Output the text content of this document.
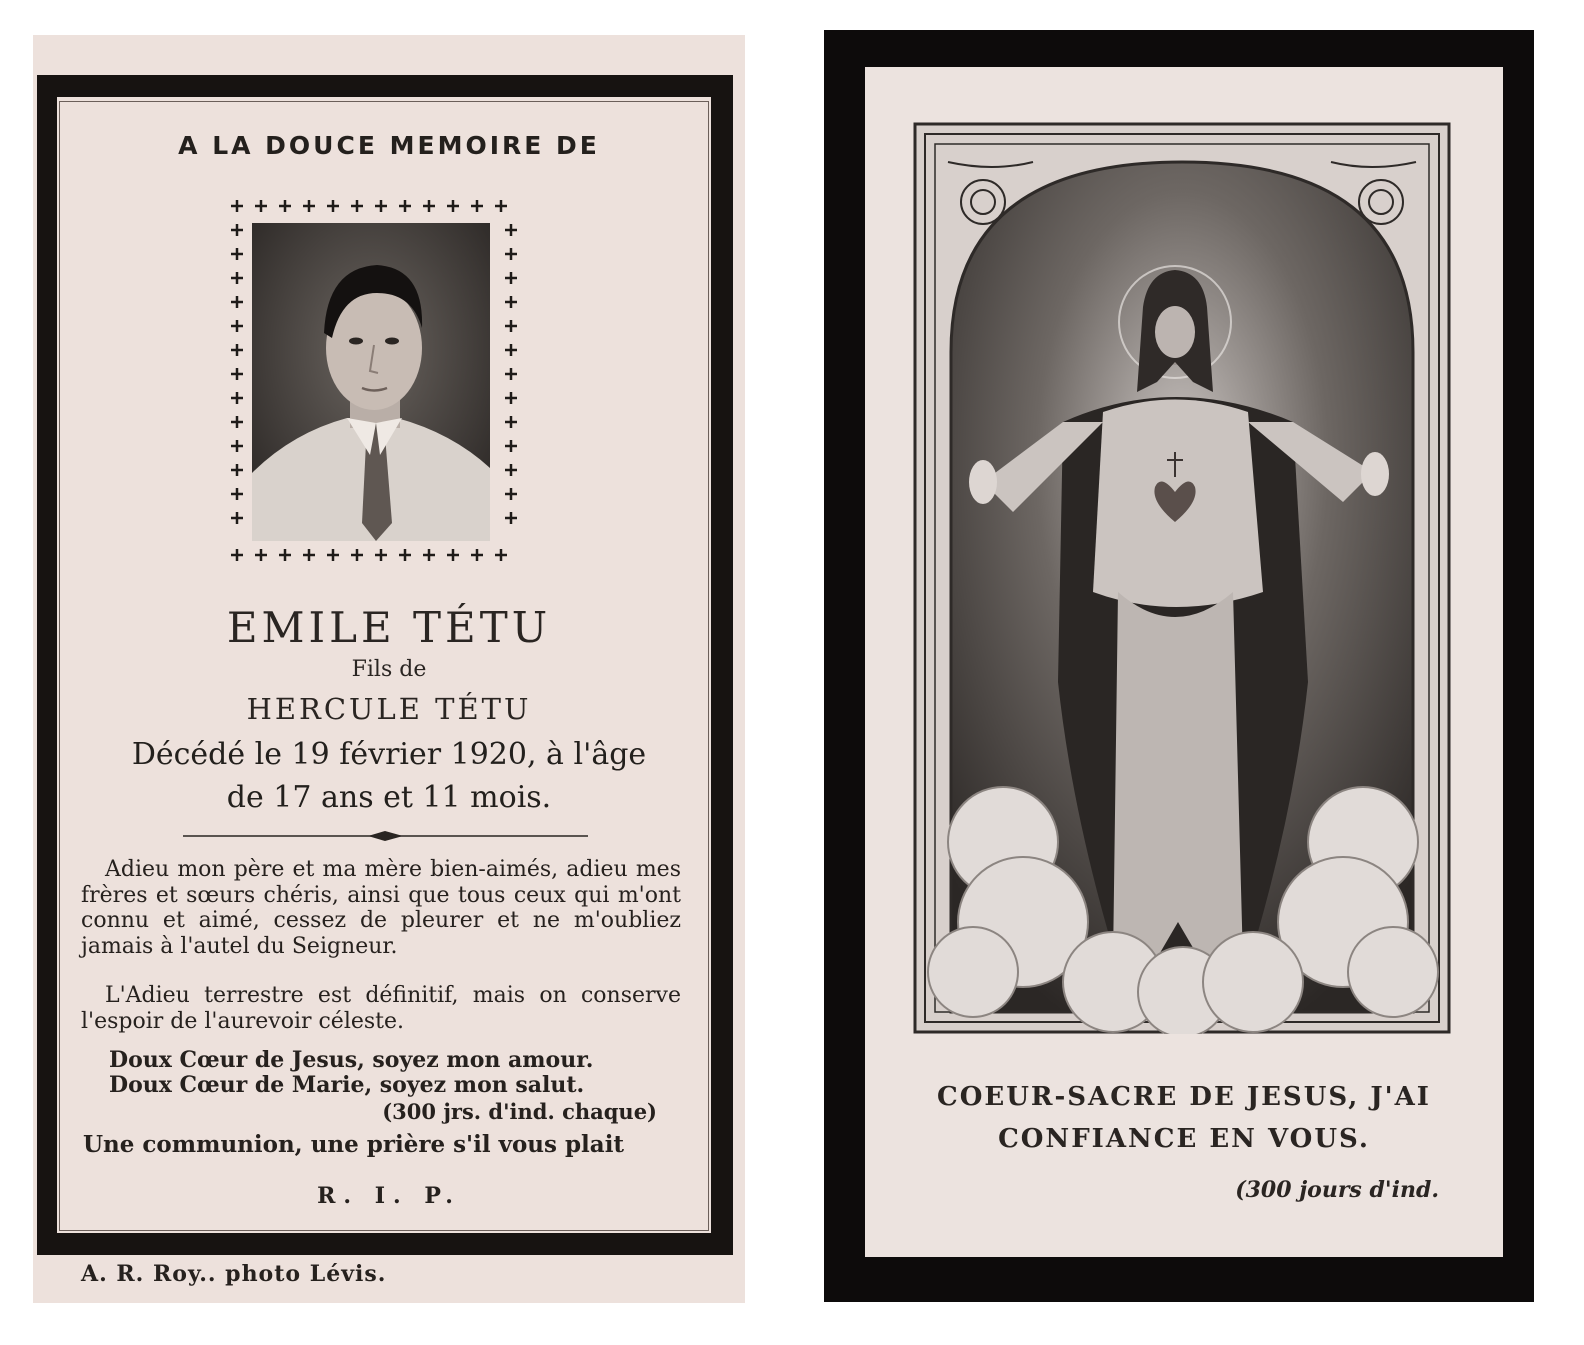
A LA DOUCE MEMOIRE DE
EMILE TÉTU
Fils de
HERCULE TÉTU
Décédé le 19 février 1920, à l'âge
de 17 ans et 11 mois.
Adieu mon père et ma mère bien-aimés, adieu mes frères et sœurs chéris, ainsi que tous ceux qui m'ont connu et aimé, cessez de pleurer et ne m'oubliez jamais à l'autel du Seigneur.
L'Adieu terrestre est définitif, mais on conserve l'espoir de l'aurevoir céleste.
Doux Cœur de Jesus, soyez mon amour.
Doux Cœur de Marie, soyez mon salut.
(300 jrs. d'ind. chaque)
Une communion, une prière s'il vous plait
R. I. P.
A. R. Roy.. photo Lévis.
COEUR-SACRE DE JESUS, J'AI
CONFIANCE EN VOUS.
(300 jours d'ind.
